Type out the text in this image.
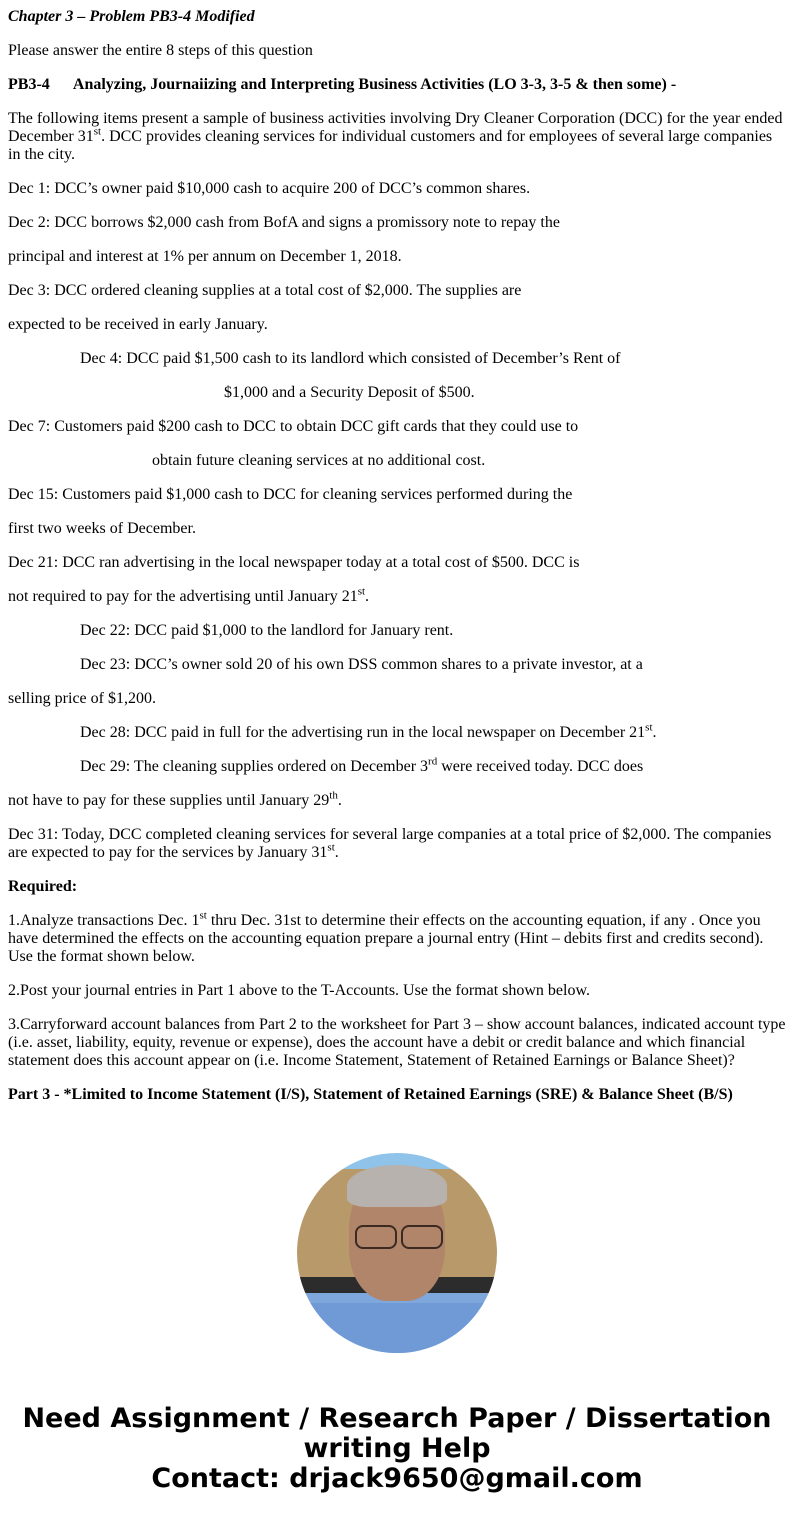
Chapter 3 – Problem PB3-4 Modified

Please answer the entire 8 steps of this question

PB3-4 Analyzing, Journaiizing and Interpreting Business Activities (LO 3-3, 3-5 & then some) -

The following items present a sample of business activities involving Dry Cleaner Corporation (DCC) for the year ended December 31st. DCC provides cleaning services for individual customers and for employees of several large companies in the city.

Dec 1: DCC’s owner paid $10,000 cash to acquire 200 of DCC’s common shares.

Dec 2: DCC borrows $2,000 cash from BofA and signs a promissory note to repay the

principal and interest at 1% per annum on December 1, 2018.

Dec 3: DCC ordered cleaning supplies at a total cost of $2,000. The supplies are

expected to be received in early January.

Dec 4: DCC paid $1,500 cash to its landlord which consisted of December’s Rent of

$1,000 and a Security Deposit of $500.

Dec 7: Customers paid $200 cash to DCC to obtain DCC gift cards that they could use to

obtain future cleaning services at no additional cost.

Dec 15: Customers paid $1,000 cash to DCC for cleaning services performed during the

first two weeks of December.

Dec 21: DCC ran advertising in the local newspaper today at a total cost of $500. DCC is

not required to pay for the advertising until January 21st.

Dec 22: DCC paid $1,000 to the landlord for January rent.

Dec 23: DCC’s owner sold 20 of his own DSS common shares to a private investor, at a

selling price of $1,200.

Dec 28: DCC paid in full for the advertising run in the local newspaper on December 21st.

Dec 29: The cleaning supplies ordered on December 3rd were received today. DCC does

not have to pay for these supplies until January 29th.

Dec 31: Today, DCC completed cleaning services for several large companies at a total price of $2,000. The companies are expected to pay for the services by January 31st.

Required:

1.Analyze transactions Dec. 1st thru Dec. 31st to determine their effects on the accounting equation, if any . Once you have determined the effects on the accounting equation prepare a journal entry (Hint – debits first and credits second). Use the format shown below.

2.Post your journal entries in Part 1 above to the T-Accounts. Use the format shown below.

3.Carryforward account balances from Part 2 to the worksheet for Part 3 – show account balances, indicated account type (i.e. asset, liability, equity, revenue or expense), does the account have a debit or credit balance and which financial statement does this account appear on (i.e. Income Statement, Statement of Retained Earnings or Balance Sheet)?

Part 3 - *Limited to Income Statement (I/S), Statement of Retained Earnings (SRE) & Balance Sheet (B/S)

Need Assignment / Research Paper / Dissertation writing Help
Contact: drjack9650@gmail.com
